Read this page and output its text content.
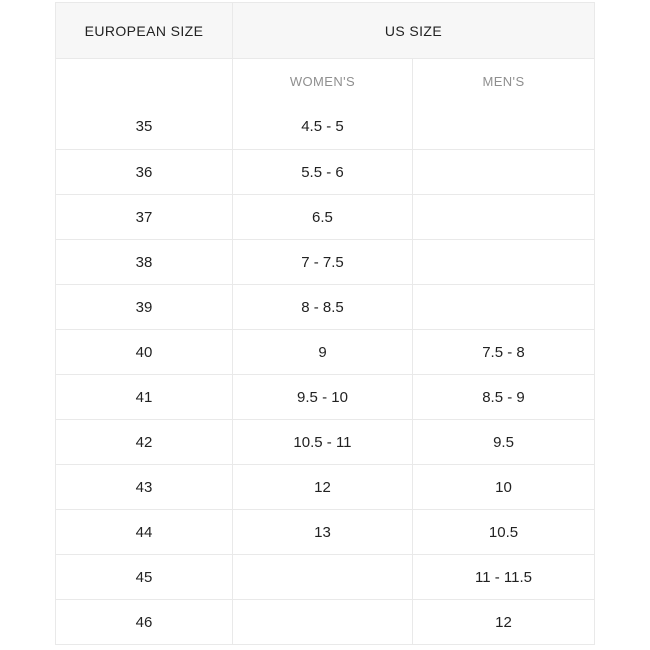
EUROPEAN SIZE	US SIZE	
	WOMEN'S	MEN'S
35	4.5 - 5	
36	5.5 - 6	
37	6.5	
38	7 - 7.5	
39	8 - 8.5	
40	9	7.5 - 8
41	9.5 - 10	8.5 - 9
42	10.5 - 11	9.5
43	12	10
44	13	10.5
45		11 - 11.5
46		12
